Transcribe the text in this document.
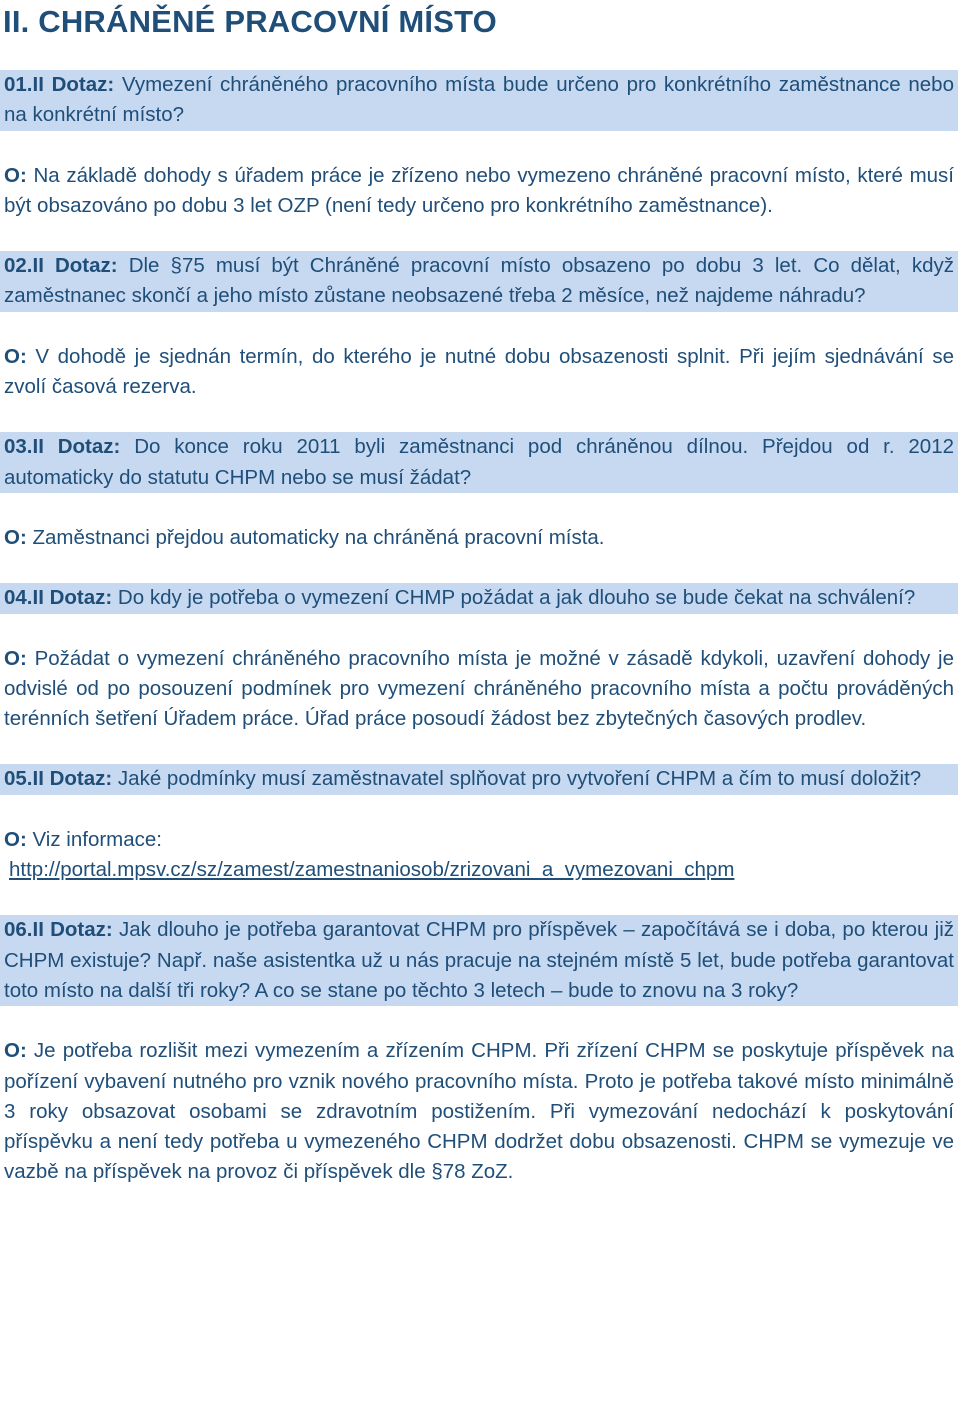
II. CHRÁNĚNÉ PRACOVNÍ MÍSTO
01.II Dotaz: Vymezení chráněného pracovního místa bude určeno pro konkrétního zaměstnance nebo na konkrétní místo?
O: Na základě dohody s úřadem práce je zřízeno nebo vymezeno chráněné pracovní místo, které musí být obsazováno po dobu 3 let OZP (není tedy určeno pro konkrétního zaměstnance).
02.II Dotaz: Dle §75 musí být Chráněné pracovní místo obsazeno po dobu 3 let. Co dělat, když zaměstnanec skončí a jeho místo zůstane neobsazené třeba 2 měsíce, než najdeme náhradu?
O: V dohodě je sjednán termín, do kterého je nutné dobu obsazenosti splnit. Při jejím sjednávání se zvolí časová rezerva.
03.II Dotaz: Do konce roku 2011 byli zaměstnanci pod chráněnou dílnou. Přejdou od r. 2012 automaticky do statutu CHPM nebo se musí žádat?
O: Zaměstnanci přejdou automaticky na chráněná pracovní místa.
04.II Dotaz: Do kdy je potřeba o vymezení CHMP požádat a jak dlouho se bude čekat na schválení?
O: Požádat o vymezení chráněného pracovního místa je možné v zásadě kdykoli, uzavření dohody je odvislé od po posouzení podmínek pro vymezení chráněného pracovního místa a počtu prováděných terénních šetření Úřadem práce. Úřad práce posoudí žádost bez zbytečných časových prodlev.
05.II Dotaz: Jaké podmínky musí zaměstnavatel splňovat pro vytvoření CHPM a čím to musí doložit?
O: Viz informace:
http://portal.mpsv.cz/sz/zamest/zamestnaniosob/zrizovani_a_vymezovani_chpm
06.II Dotaz: Jak dlouho je potřeba garantovat CHPM pro příspěvek – započítává se i doba, po kterou již CHPM existuje? Např. naše asistentka už u nás pracuje na stejném místě 5 let, bude potřeba garantovat toto místo na další tři roky? A co se stane po těchto 3 letech – bude to znovu na 3 roky?
O: Je potřeba rozlišit mezi vymezením a zřízením CHPM. Při zřízení CHPM se poskytuje příspěvek na pořízení vybavení nutného pro vznik nového pracovního místa. Proto je potřeba takové místo minimálně 3 roky obsazovat osobami se zdravotním postižením. Při vymezování nedochází k poskytování příspěvku a není tedy potřeba u vymezeného CHPM dodržet dobu obsazenosti. CHPM se vymezuje ve vazbě na příspěvek na provoz či příspěvek dle §78 ZoZ.
